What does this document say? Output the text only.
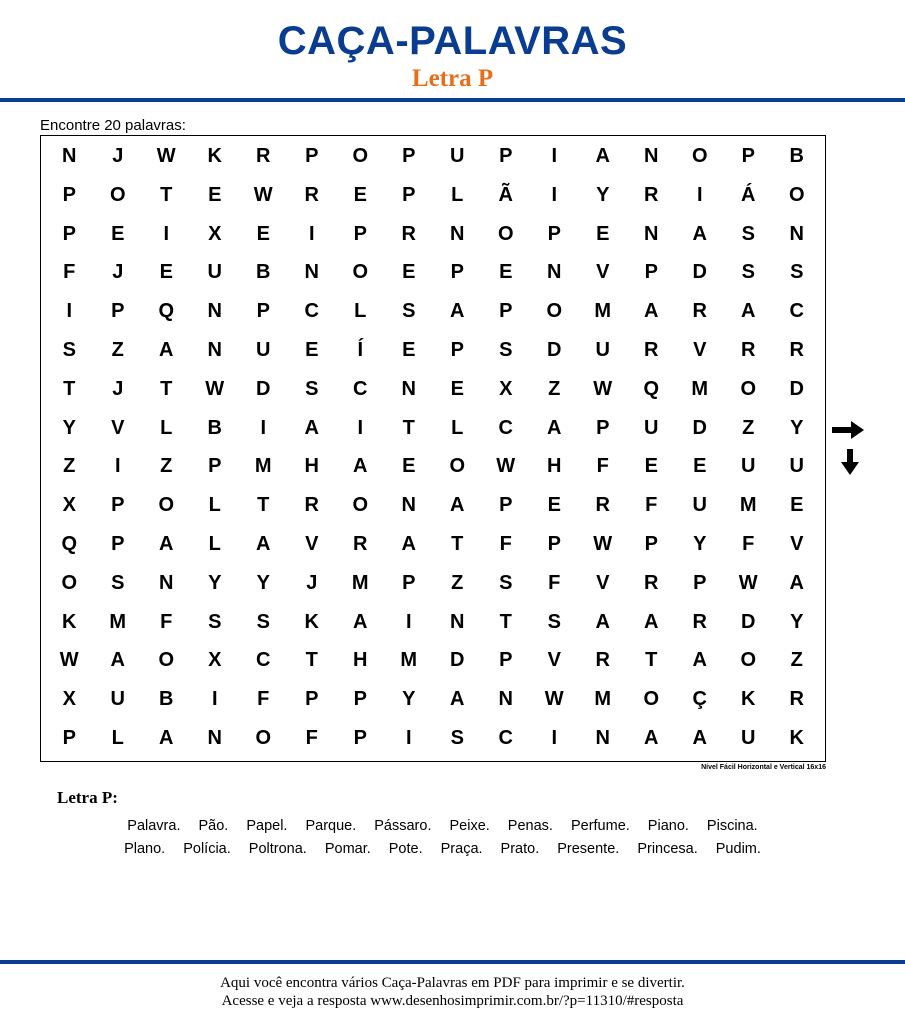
CAÇA-PALAVRAS
Letra P
Encontre 20 palavras:
N	J	W	K	R	P	O	P	U	P	I	A	N	O	P	B
P	O	T	E	W	R	E	P	L	Ã	I	Y	R	I	Á	O
P	E	I	X	E	I	P	R	N	O	P	E	N	A	S	N
F	J	E	U	B	N	O	E	P	E	N	V	P	D	S	S
I	P	Q	N	P	C	L	S	A	P	O	M	A	R	A	C
S	Z	A	N	U	E	Í	E	P	S	D	U	R	V	R	R
T	J	T	W	D	S	C	N	E	X	Z	W	Q	M	O	D
Y	V	L	B	I	A	I	T	L	C	A	P	U	D	Z	Y
Z	I	Z	P	M	H	A	E	O	W	H	F	E	E	U	U
X	P	O	L	T	R	O	N	A	P	E	R	F	U	M	E
Q	P	A	L	A	V	R	A	T	F	P	W	P	Y	F	V
O	S	N	Y	Y	J	M	P	Z	S	F	V	R	P	W	A
K	M	F	S	S	K	A	I	N	T	S	A	A	R	D	Y
W	A	O	X	C	T	H	M	D	P	V	R	T	A	O	Z
X	U	B	I	F	P	P	Y	A	N	W	M	O	Ç	K	R
P	L	A	N	O	F	P	I	S	C	I	N	A	A	U	K
Nível Fácil Horizontal e Vertical 16x16
Letra P:
Palavra. Pão. Papel. Parque. Pássaro. Peixe. Penas. Perfume. Piano. Piscina.
Plano. Polícia. Poltrona. Pomar. Pote. Praça. Prato. Presente. Princesa. Pudim.
Aqui você encontra vários Caça-Palavras em PDF para imprimir e se divertir.
Acesse e veja a resposta www.desenhosimprimir.com.br/?p=11310/#resposta
